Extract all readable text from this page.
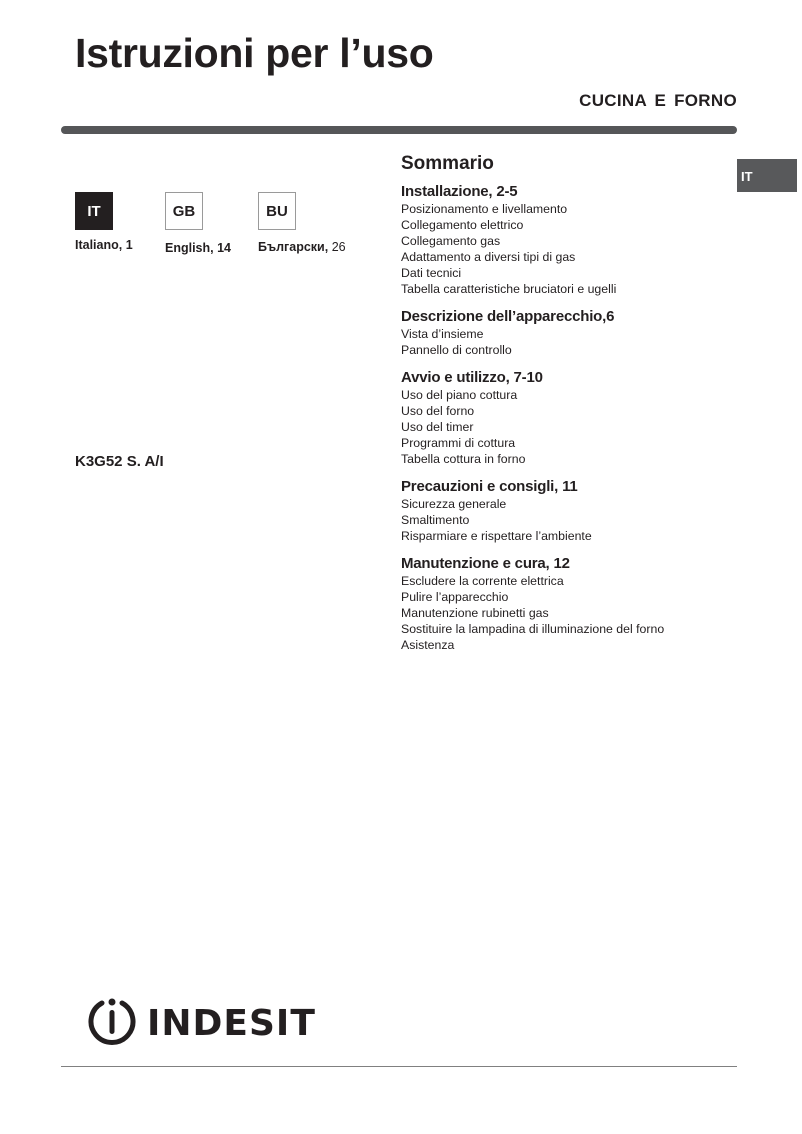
Istruzioni per l’uso
CUCINA E FORNO
IT
IT	GB	BU
Italiano, 1	English, 14 Български, 26
K3G52 S. A/I
Sommario
Installazione, 2-5
Posizionamento e livellamento
Collegamento elettrico
Collegamento gas
Adattamento a diversi tipi di gas
Dati tecnici
Tabella caratteristiche bruciatori e ugelli
Descrizione dell’apparecchio,6
Vista d’insieme
Pannello di controllo
Avvio e utilizzo, 7-10
Uso del piano cottura
Uso del forno
Uso del timer
Programmi di cottura
Tabella cottura in forno
Precauzioni e consigli, 11
Sicurezza generale
Smaltimento
Risparmiare e rispettare l’ambiente
Manutenzione e cura, 12
Escludere la corrente elettrica
Pulire l’apparecchio
Manutenzione rubinetti gas
Sostituire la lampadina di illuminazione del forno
Asistenza
INDESIT
